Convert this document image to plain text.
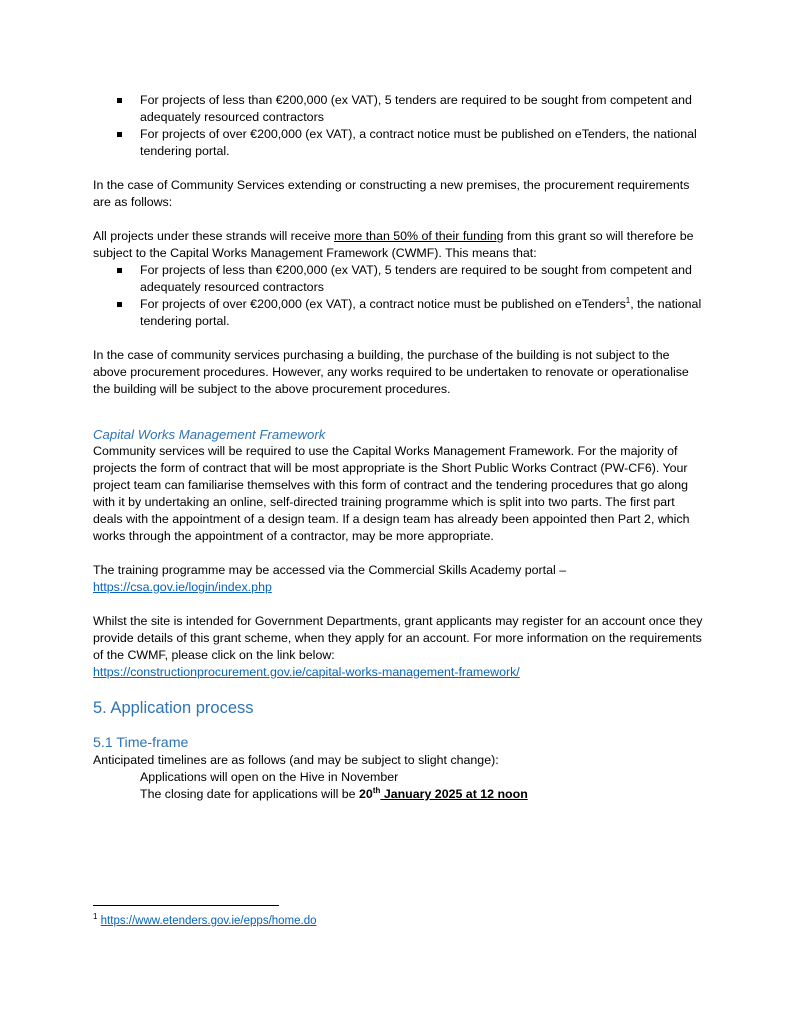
For projects of less than €200,000 (ex VAT), 5 tenders are required to be sought from competent and adequately resourced contractors
For projects of over €200,000 (ex VAT), a contract notice must be published on eTenders, the national tendering portal.

In the case of Community Services extending or constructing a new premises, the procurement requirements are as follows:

All projects under these strands will receive more than 50% of their funding from this grant so will therefore be subject to the Capital Works Management Framework (CWMF). This means that:

For projects of less than €200,000 (ex VAT), 5 tenders are required to be sought from competent and adequately resourced contractors
For projects of over €200,000 (ex VAT), a contract notice must be published on eTenders$^1$, the national tendering portal.

In the case of community services purchasing a building, the purchase of the building is not subject to the above procurement procedures. However, any works required to be undertaken to renovate or operationalise the building will be subject to the above procurement procedures.

Capital Works Management Framework

Community services will be required to use the Capital Works Management Framework. For the majority of projects the form of contract that will be most appropriate is the Short Public Works Contract (PW-CF6). Your project team can familiarise themselves with this form of contract and the tendering procedures that go along with it by undertaking an online, self-directed training programme which is split into two parts. The first part deals with the appointment of a design team. If a design team has already been appointed then Part 2, which works through the appointment of a contractor, may be more appropriate.

The training programme may be accessed via the Commercial Skills Academy portal –

https://csa.gov.ie/login/index.php

Whilst the site is intended for Government Departments, grant applicants may register for an account once they provide details of this grant scheme, when they apply for an account. For more information on the requirements of the CWMF, please click on the link below:

https://constructionprocurement.gov.ie/capital-works-management-framework/

5. Application process

5.1 Time-frame

Anticipated timelines are as follows (and may be subject to slight change):

Applications will open on the Hive in November

The closing date for applications will be 20th January 2025 at 12 noon

$^1$ https://www.etenders.gov.ie/epps/home.do
